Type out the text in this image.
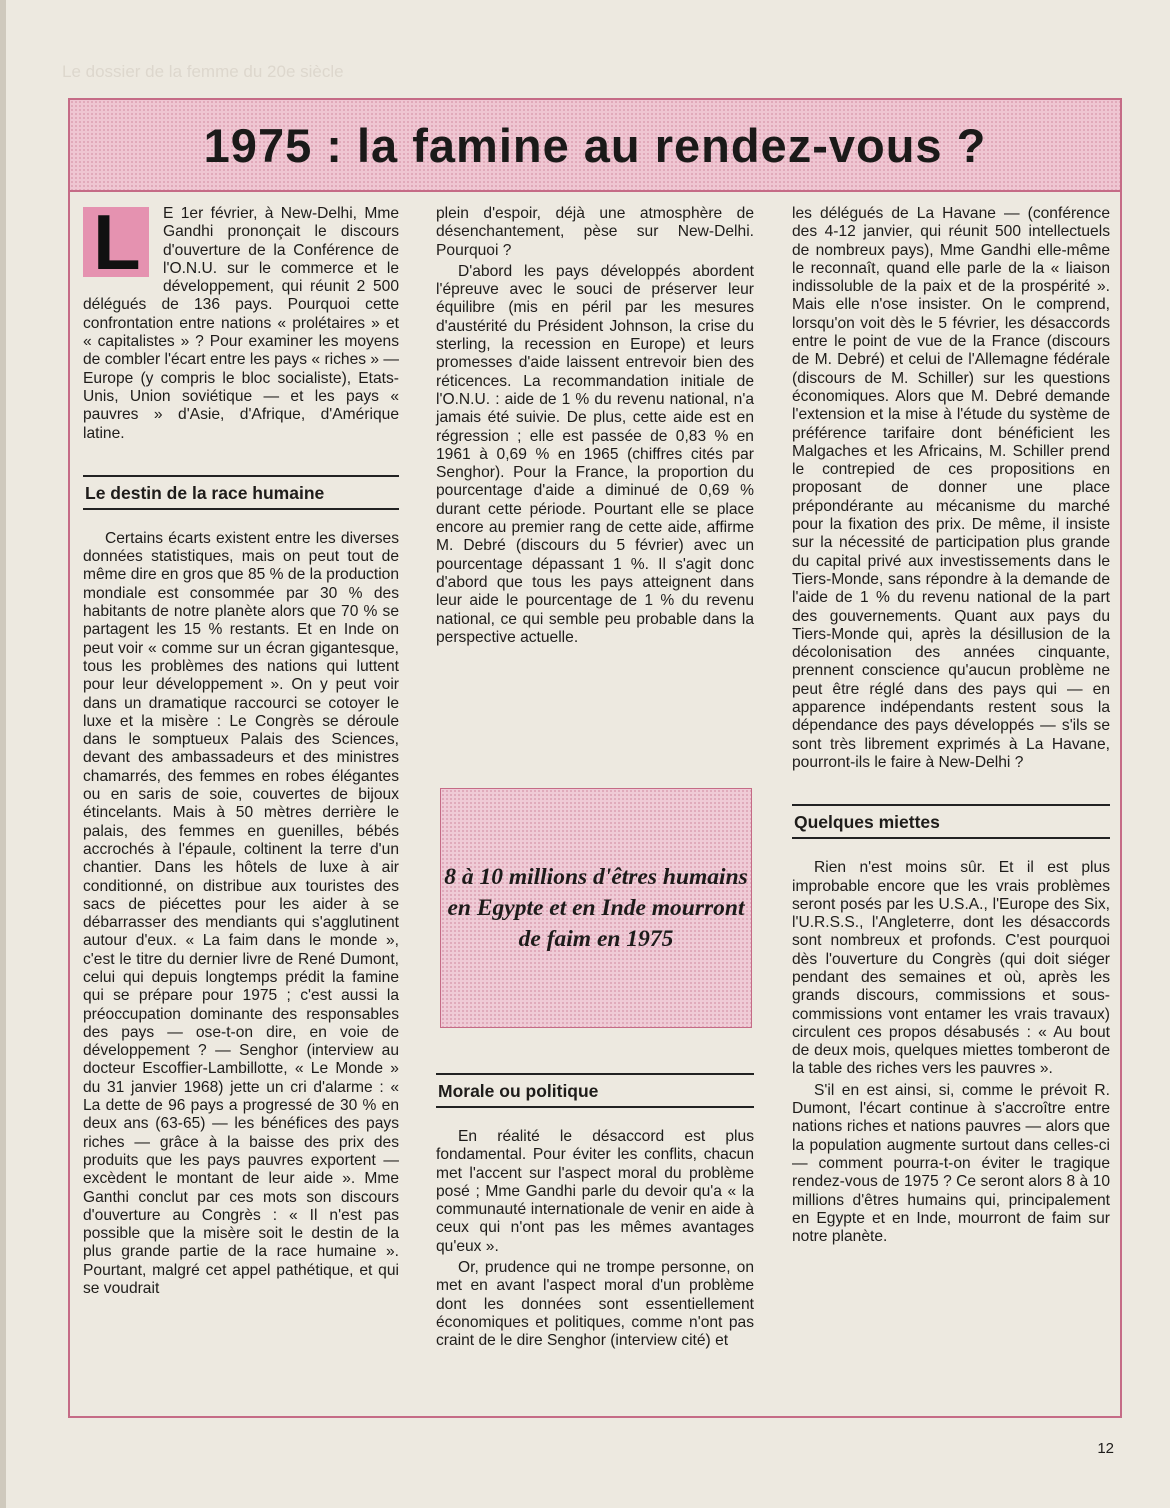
Le dossier de la femme du 20e siècle
1975 : la famine au rendez-vous ?
L	E 1er février, à New-Delhi, Mme Gandhi prononçait le discours d'ouverture de la Conférence de l'O.N.U. sur le commerce et le développement, qui réunit 2 500 délégués de 136 pays. Pourquoi cette confrontation entre nations « prolétaires » et « capitalistes » ? Pour examiner les moyens de combler l'écart entre les pays « riches » — Europe (y compris le bloc socialiste), Etats-Unis, Union soviétique — et les pays « pauvres » d'Asie, d'Afrique, d'Amérique latine.

Le destin de la race humaine

Certains écarts existent entre les diverses données statistiques, mais on peut tout de même dire en gros que 85 % de la production mondiale est consommée par 30 % des habitants de notre planète alors que 70 % se partagent les 15 % restants. Et en Inde on peut voir « comme sur un écran gigantesque, tous les problèmes des nations qui luttent pour leur développement ». On y peut voir dans un dramatique raccourci se cotoyer le luxe et la misère : Le Congrès se déroule dans le somptueux Palais des Sciences, devant des ambassadeurs et des ministres chamarrés, des femmes en robes élégantes ou en saris de soie, couvertes de bijoux étincelants. Mais à 50 mètres derrière le palais, des femmes en guenilles, bébés accrochés à l'épaule, coltinent la terre d'un chantier. Dans les hôtels de luxe à air conditionné, on distribue aux touristes des sacs de piécettes pour les aider à se débarrasser des mendiants qui s'agglutinent autour d'eux. « La faim dans le monde », c'est le titre du dernier livre de René Dumont, celui qui depuis longtemps prédit la famine qui se prépare pour 1975 ; c'est aussi la préoccupation dominante des responsables des pays — ose-t-on dire, en voie de développement ? — Senghor (interview au docteur Escoffier-Lambillotte, « Le Monde » du 31 janvier 1968) jette un cri d'alarme : « La dette de 96 pays a progressé de 30 % en deux ans (63-65) — les bénéfices des pays riches — grâce à la baisse des prix des produits que les pays pauvres exportent — excèdent le montant de leur aide ». Mme Ganthi conclut par ces mots son discours d'ouverture au Congrès : « Il n'est pas possible que la misère soit le destin de la plus grande partie de la race humaine ». Pourtant, malgré cet appel pathétique, et qui se voudrait

plein d'espoir, déjà une atmosphère de désenchantement, pèse sur New-Delhi. Pourquoi ?

D'abord les pays développés abordent l'épreuve avec le souci de préserver leur équilibre (mis en péril par les mesures d'austérité du Président Johnson, la crise du sterling, la recession en Europe) et leurs promesses d'aide laissent entrevoir bien des réticences. La recommandation initiale de l'O.N.U. : aide de 1 % du revenu national, n'a jamais été suivie. De plus, cette aide est en régression ; elle est passée de 0,83 % en 1961 à 0,69 % en 1965 (chiffres cités par Senghor). Pour la France, la proportion du pourcentage d'aide a diminué de 0,69 % durant cette période. Pourtant elle se place encore au premier rang de cette aide, affirme M. Debré (discours du 5 février) avec un pourcentage dépassant 1 %. Il s'agit donc d'abord que tous les pays atteignent dans leur aide le pourcentage de 1 % du revenu national, ce qui semble peu probable dans la perspective actuelle.

8 à 10 millions d'êtres humains en Egypte et en Inde mourront de faim en 1975
Morale ou politique

En réalité le désaccord est plus fondamental. Pour éviter les conflits, chacun met l'accent sur l'aspect moral du problème posé ; Mme Gandhi parle du devoir qu'a « la communauté internationale de venir en aide à ceux qui n'ont pas les mêmes avantages qu'eux ».

Or, prudence qui ne trompe personne, on met en avant l'aspect moral d'un problème dont les données sont essentiellement économiques et politiques, comme n'ont pas craint de le dire Senghor (interview cité) et

les délégués de La Havane — (conférence des 4-12 janvier, qui réunit 500 intellectuels de nombreux pays), Mme Gandhi elle-même le reconnaît, quand elle parle de la « liaison indissoluble de la paix et de la prospérité ». Mais elle n'ose insister. On le comprend, lorsqu'on voit dès le 5 février, les désaccords entre le point de vue de la France (discours de M. Debré) et celui de l'Allemagne fédérale (discours de M. Schiller) sur les questions économiques. Alors que M. Debré demande l'extension et la mise à l'étude du système de préférence tarifaire dont bénéficient les Malgaches et les Africains, M. Schiller prend le contrepied de ces propositions en proposant de donner une place prépondérante au mécanisme du marché pour la fixation des prix. De même, il insiste sur la nécessité de participation plus grande du capital privé aux investissements dans le Tiers-Monde, sans répondre à la demande de l'aide de 1 % du revenu national de la part des gouvernements. Quant aux pays du Tiers-Monde qui, après la désillusion de la décolonisation des années cinquante, prennent conscience qu'aucun problème ne peut être réglé dans des pays qui — en apparence indépendants restent sous la dépendance des pays développés — s'ils se sont très librement exprimés à La Havane, pourront-ils le faire à New-Delhi ?

Quelques miettes

Rien n'est moins sûr. Et il est plus improbable encore que les vrais problèmes seront posés par les U.S.A., l'Europe des Six, l'U.R.S.S., l'Angleterre, dont les désaccords sont nombreux et profonds. C'est pourquoi dès l'ouverture du Congrès (qui doit siéger pendant des semaines et où, après les grands discours, commissions et sous-commissions vont entamer les vrais travaux) circulent ces propos désabusés : « Au bout de deux mois, quelques miettes tomberont de la table des riches vers les pauvres ».

S'il en est ainsi, si, comme le prévoit R. Dumont, l'écart continue à s'accroître entre nations riches et nations pauvres — alors que la population augmente surtout dans celles-ci — comment pourra-t-on éviter le tragique rendez-vous de 1975 ? Ce seront alors 8 à 10 millions d'êtres humains qui, principalement en Egypte et en Inde, mourront de faim sur notre planète.

12
